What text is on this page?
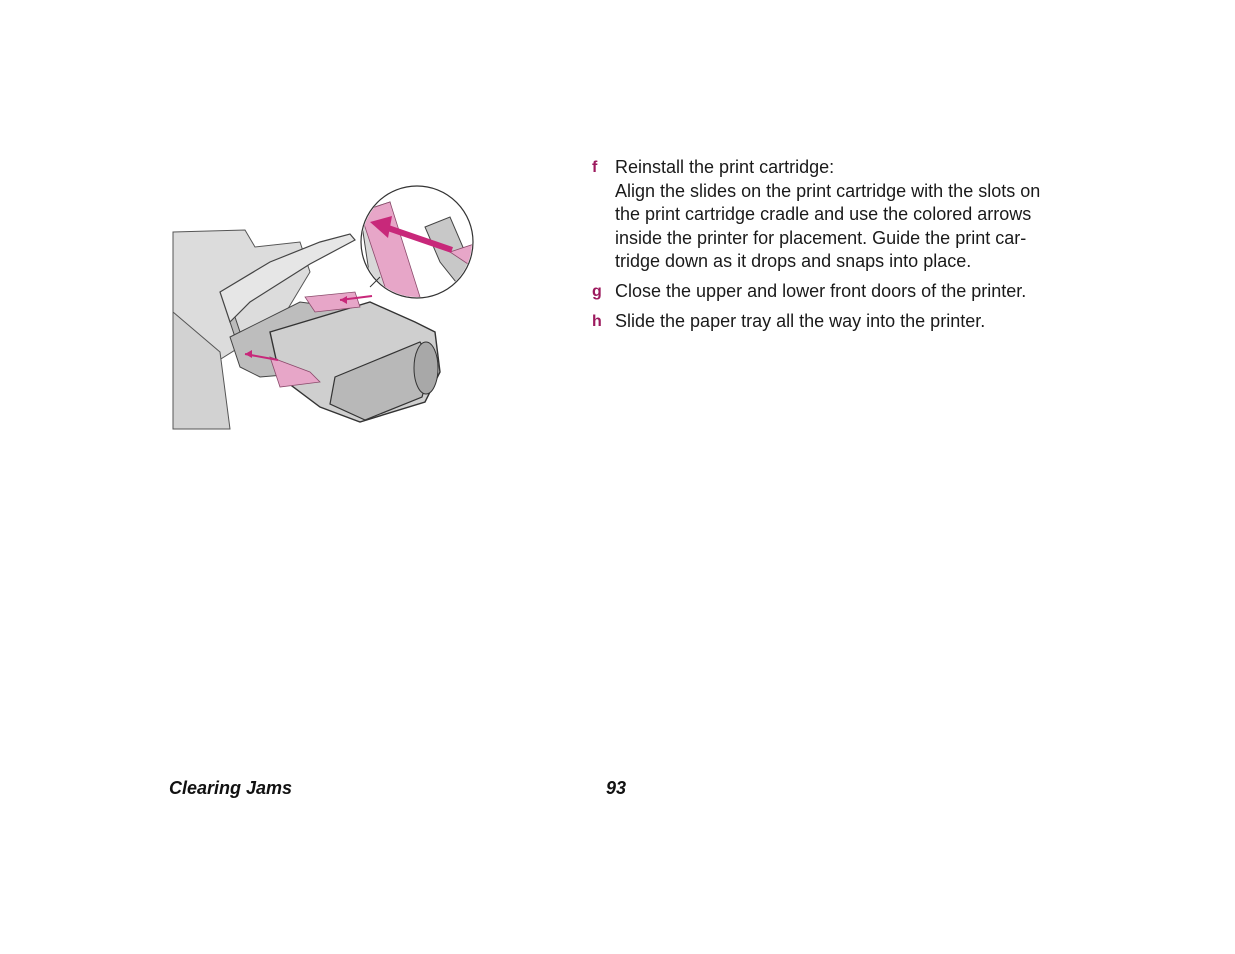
f Reinstall the print cartridge:
Align the slides on the print cartridge with the slots on
the print cartridge cradle and use the colored arrows
inside the printer for placement. Guide the print car-
tridge down as it drops and snaps into place.
g Close the upper and lower front doors of the printer.
h Slide the paper tray all the way into the printer.
Clearing Jams	93
